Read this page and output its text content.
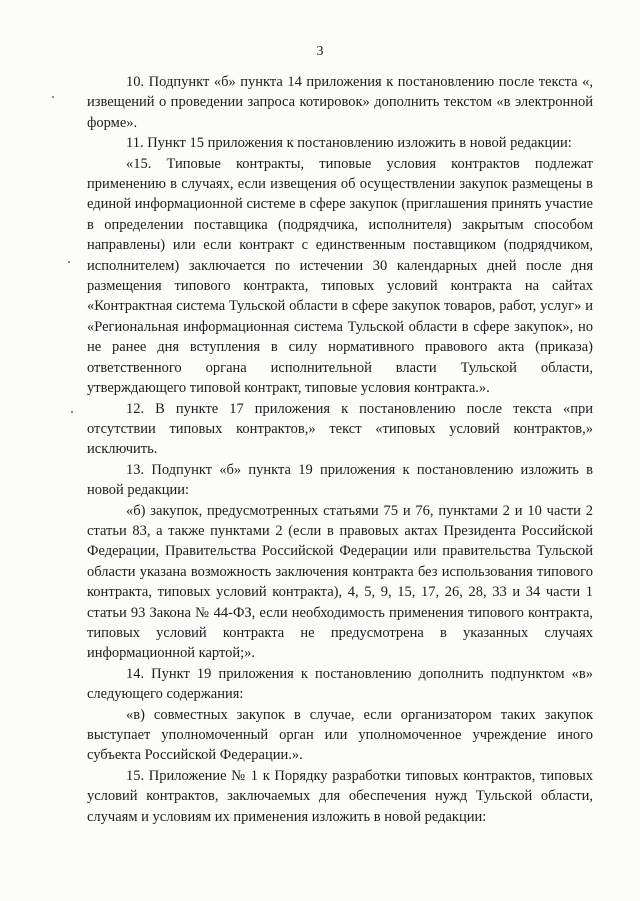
3

10. Подпункт «б» пункта 14 приложения к постановлению после текста «, извещений о проведении запроса котировок» дополнить текстом «в электронной форме».

11. Пункт 15 приложения к постановлению изложить в новой редакции:

«15. Типовые контракты, типовые условия контрактов подлежат применению в случаях, если извещения об осуществлении закупок размещены в единой информационной системе в сфере закупок (приглашения принять участие в определении поставщика (подрядчика, исполнителя) закрытым способом направлены) или если контракт с единственным поставщиком (подрядчиком, исполнителем) заключается по истечении 30 календарных дней после дня размещения типового контракта, типовых условий контракта на сайтах «Контрактная система Тульской области в сфере закупок товаров, работ, услуг» и «Региональная информационная система Тульской области в сфере закупок», но не ранее дня вступления в силу нормативного правового акта (приказа) ответственного органа исполнительной власти Тульской области, утверждающего типовой контракт, типовые условия контракта.».

12. В пункте 17 приложения к постановлению после текста «при отсутствии типовых контрактов,» текст «типовых условий контрактов,» исключить.

13. Подпункт «б» пункта 19 приложения к постановлению изложить в новой редакции:

«б) закупок, предусмотренных статьями 75 и 76, пунктами 2 и 10 части 2 статьи 83, а также пунктами 2 (если в правовых актах Президента Российской Федерации, Правительства Российской Федерации или правительства Тульской области указана возможность заключения контракта без использования типового контракта, типовых условий контракта), 4, 5, 9, 15, 17, 26, 28, 33 и 34 части 1 статьи 93 Закона № 44-ФЗ, если необходимость применения типового контракта, типовых условий контракта не предусмотрена в указанных случаях информационной картой;».

14. Пункт 19 приложения к постановлению дополнить подпунктом «в» следующего содержания:

«в) совместных закупок в случае, если организатором таких закупок выступает уполномоченный орган или уполномоченное учреждение иного субъекта Российской Федерации.».

15. Приложение № 1 к Порядку разработки типовых контрактов, типовых условий контрактов, заключаемых для обеспечения нужд Тульской области, случаям и условиям их применения изложить в новой редакции:
